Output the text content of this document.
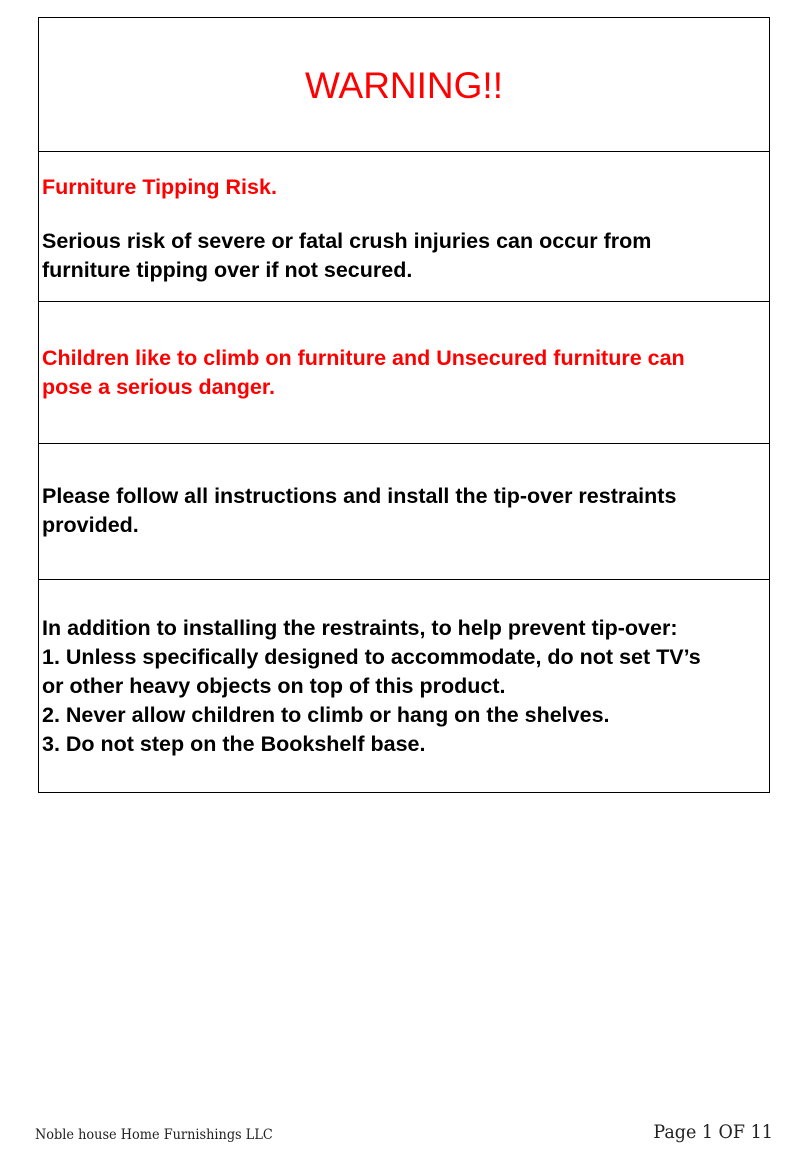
WARNING!!
Furniture Tipping Risk.
Serious risk of severe or fatal crush injuries can occur from
furniture tipping over if not secured.
Children like to climb on furniture and Unsecured furniture can
pose a serious danger.
Please follow all instructions and install the tip-over restraints
provided.
In addition to installing the restraints, to help prevent tip-over:
1. Unless specifically designed to accommodate, do not set TV’s
or other heavy objects on top of this product.
2. Never allow children to climb or hang on the shelves.
3. Do not step on the Bookshelf base.
Noble house Home Furnishings LLC	Page 1 OF 11
